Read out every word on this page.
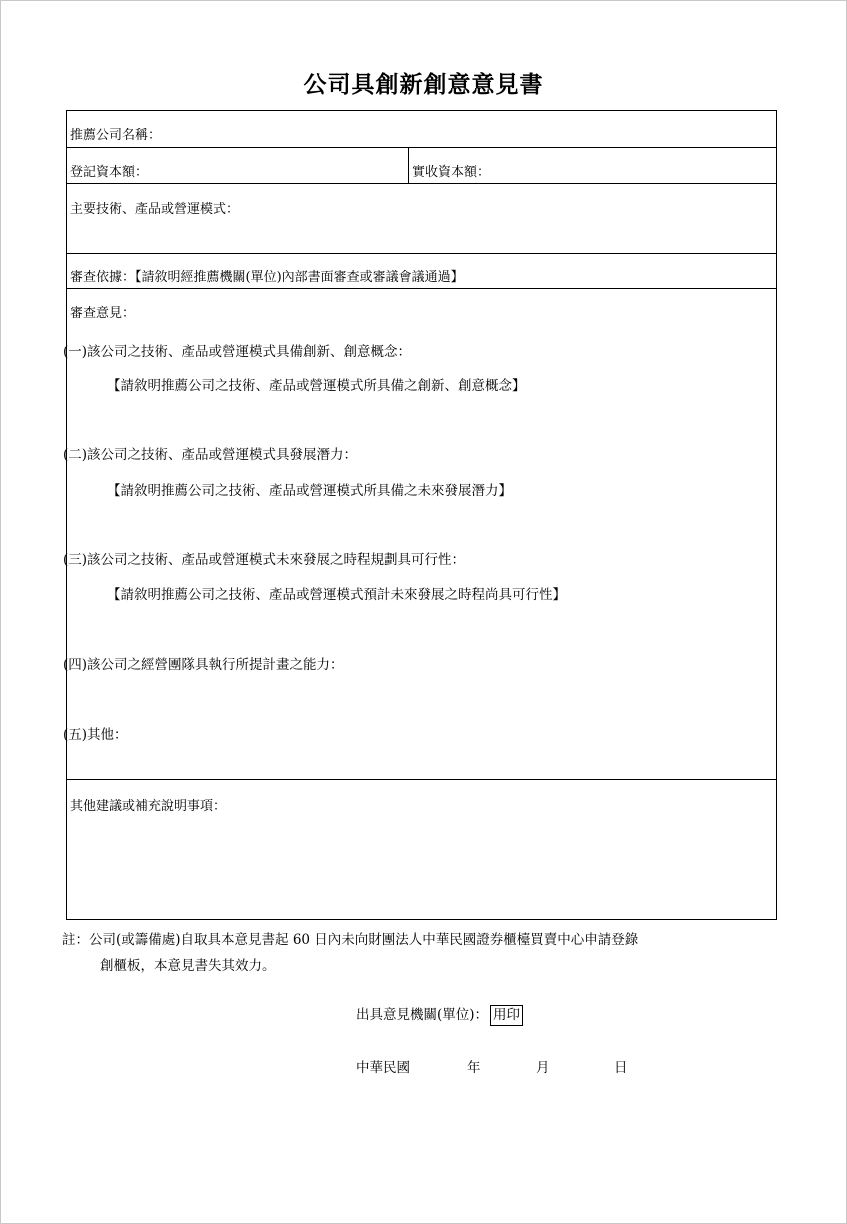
公司具創新創意意見書
推薦公司名稱：
登記資本額：	實收資本額：
主要技術、產品或營運模式：
審查依據：【請敘明經推薦機關(單位)內部書面審查或審議會議通過】
審查意見：
(一)該公司之技術、產品或營運模式具備創新、創意概念：
【請敘明推薦公司之技術、產品或營運模式所具備之創新、創意概念】
(二)該公司之技術、產品或營運模式具發展潛力：
【請敘明推薦公司之技術、產品或營運模式所具備之未來發展潛力】
(三)該公司之技術、產品或營運模式未來發展之時程規劃具可行性：
【請敘明推薦公司之技術、產品或營運模式預計未來發展之時程尚具可行性】
(四)該公司之經營團隊具執行所提計畫之能力：
(五)其他：
其他建議或補充說明事項：
註：公司(或籌備處)自取具本意見書起 60 日內未向財團法人中華民國證券櫃檯買賣中心申請登錄
創櫃板，本意見書失其效力。
出具意見機關(單位)： 用印
中華民國	年	月	日
